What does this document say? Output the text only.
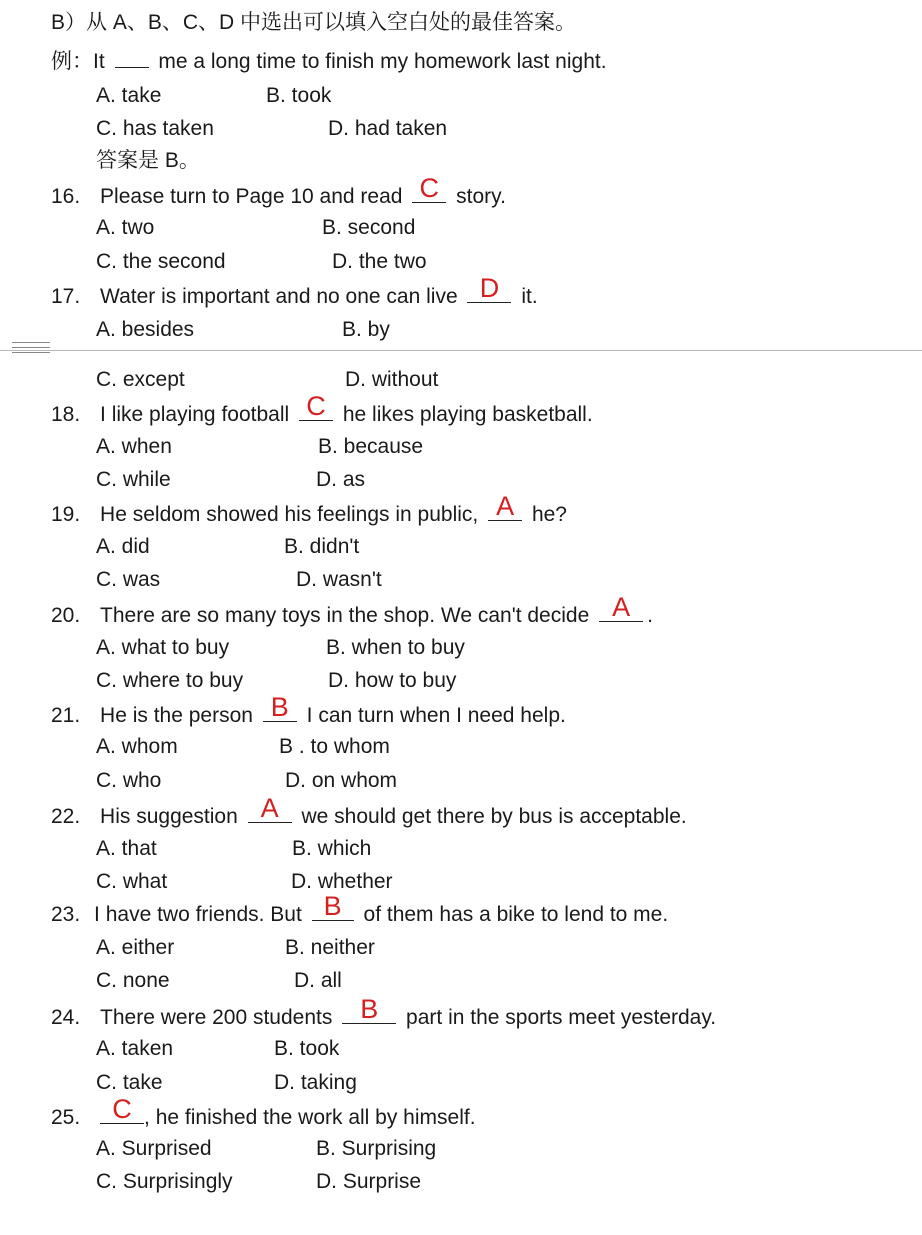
B）从 A、B、C、D 中选出可以填入空白处的最佳答案。
例：It	me a long time to finish my homework last night.
A. take	B. took
C. has taken	D. had taken
答案是 B。
16. Please turn to Page 10 and read C story.
A. two	B. second
C. the second	D. the two
17. Water is important and no one can live D it.
A. besides	B. by
C. except	D. without
18. I like playing football C he likes playing basketball.
A. when	B. because
C. while	D. as
19. He seldom showed his feelings in public, A he?
A. did	B. didn't
C. was	D. wasn't
20. There are so many toys in the shop. We can't decide A .
A. what to buy	B. when to buy
C. where to buy	D. how to buy
21. He is the person B I can turn when I need help.
A. whom	B . to whom
C. who	D. on whom
22. His suggestion A we should get there by bus is acceptable.
A. that	B. which
C. what	D. whether
23. I have two friends. But B of them has a bike to lend to me.
A. either	B. neither
C. none	D. all
24. There were 200 students B part in the sports meet yesterday.
A. taken	B. took
C. take	D. taking
25. C , he finished the work all by himself.
A. Surprised	B. Surprising
C. Surprisingly	D. Surprise
